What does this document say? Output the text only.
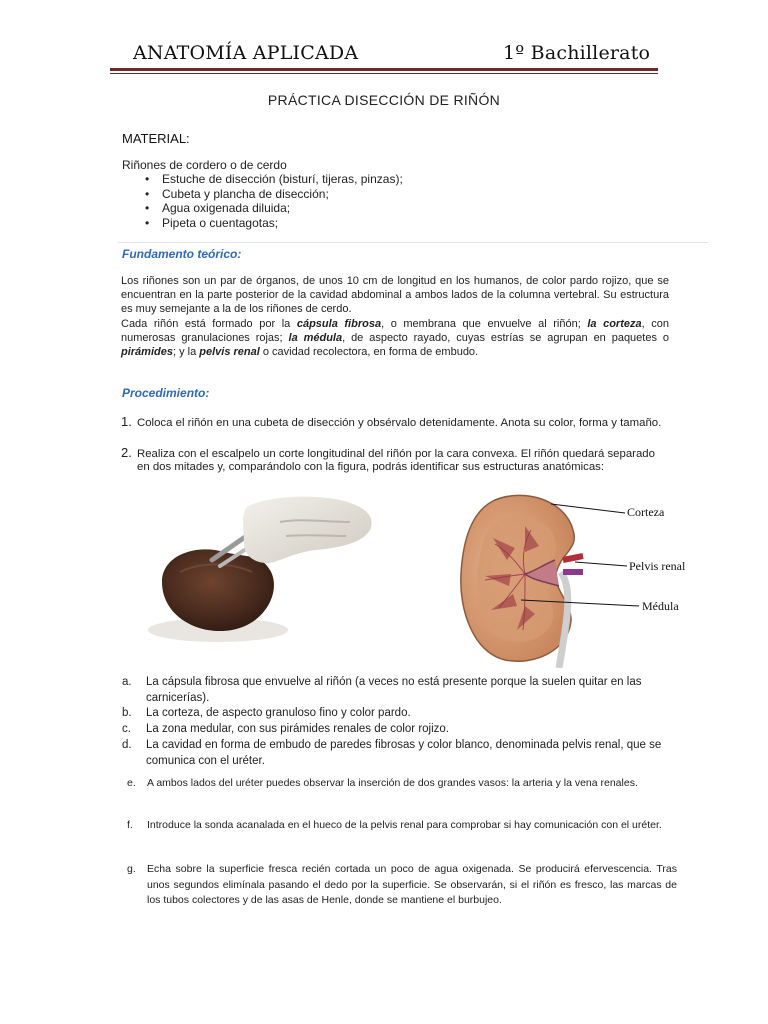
ANATOMÍA APLICADA	1º Bachillerato
PRÁCTICA DISECCIÓN DE RIÑÓN
MATERIAL:
Riñones de cordero o de cerdo
• Estuche de disección (bisturí, tijeras, pinzas);
• Cubeta y plancha de disección;
• Agua oxigenada diluida;
• Pipeta o cuentagotas;
Fundamento teórico:
Los riñones son un par de órganos, de unos 10 cm de longitud en los humanos, de color pardo rojizo, que se encuentran en la parte posterior de la cavidad abdominal a ambos lados de la columna vertebral. Su estructura es muy semejante a la de los riñones de cerdo.
Cada riñón está formado por la cápsula fibrosa, o membrana que envuelve al riñón; la corteza, con numerosas granulaciones rojas; la médula, de aspecto rayado, cuyas estrías se agrupan en paquetes o pirámides; y la pelvis renal o cavidad recolectora, en forma de embudo.
Procedimiento:
1. Coloca el riñón en una cubeta de disección y obsérvalo detenidamente. Anota su color, forma y tamaño.
2. Realiza con el escalpelo un corte longitudinal del riñón por la cara convexa. El riñón quedará separado
en dos mitades y, comparándolo con la figura, podrás identificar sus estructuras anatómicas:
Corteza
Pelvis renal
Médula
a. La cápsula fibrosa que envuelve al riñón (a veces no está presente porque la suelen quitar en las carnicerías).
b. La corteza, de aspecto granuloso fino y color pardo.
c. La zona medular, con sus pirámides renales de color rojizo.
d. La cavidad en forma de embudo de paredes fibrosas y color blanco, denominada pelvis renal, que se comunica con el uréter.
e. A ambos lados del uréter puedes observar la inserción de dos grandes vasos: la arteria y la vena renales.
f. Introduce la sonda acanalada en el hueco de la pelvis renal para comprobar si hay comunicación con el uréter.
g. Echa sobre la superficie fresca recién cortada un poco de agua oxigenada. Se producirá efervescencia. Tras unos segundos elimínala pasando el dedo por la superficie. Se observarán, si el riñón es fresco, las marcas de los tubos colectores y de las asas de Henle, donde se mantiene el burbujeo.
